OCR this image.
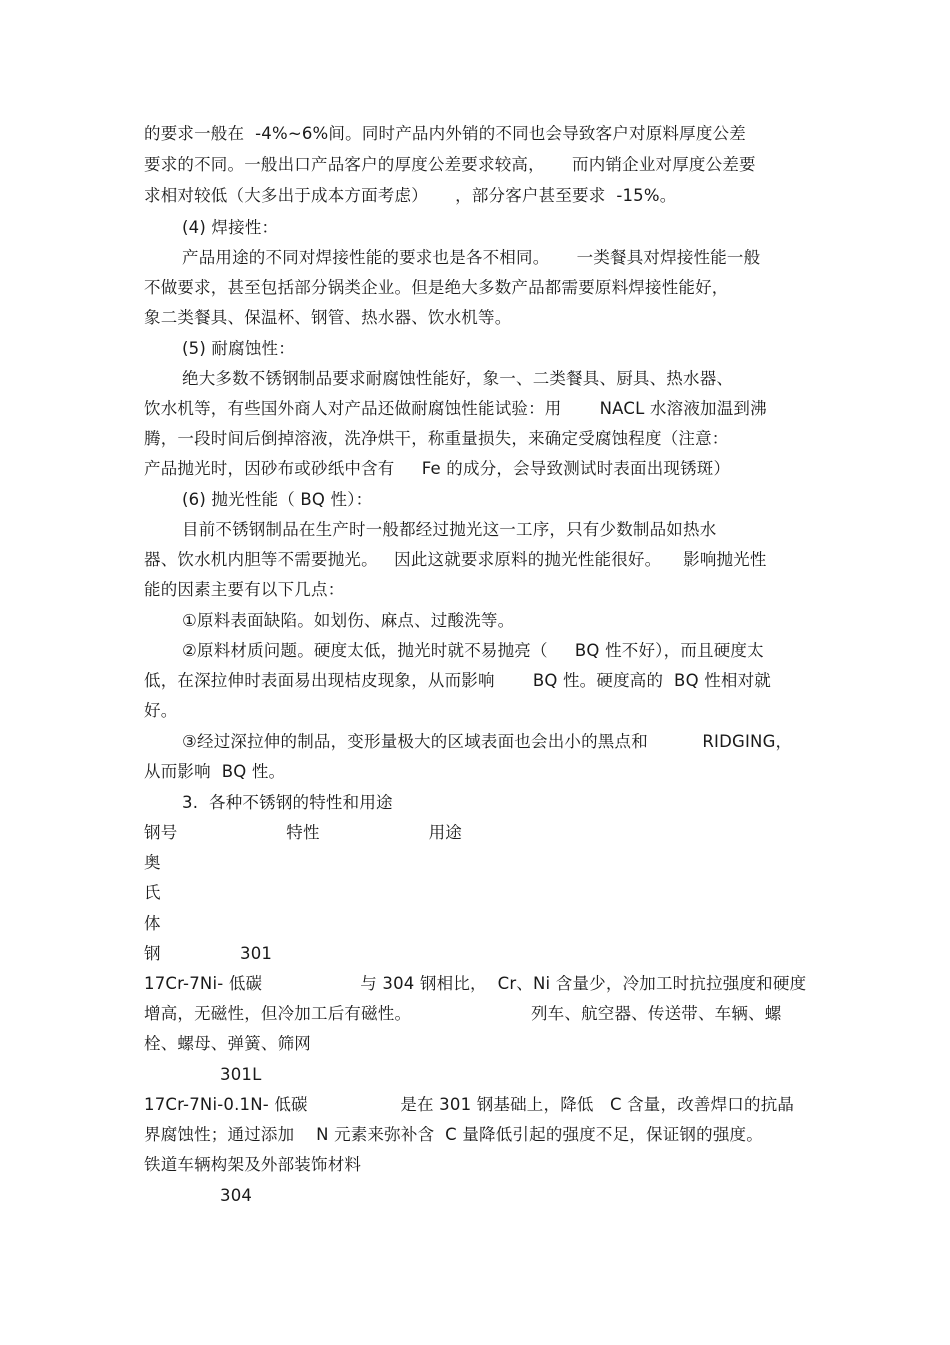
的要求一般在  -4%~6%间。同时产品内外销的不同也会导致客户对原料厚度公差
要求的不同。一般出口产品客户的厚度公差要求较高，     而内销企业对厚度公差要
求相对较低（大多出于成本方面考虑）     ，部分客户甚至要求  -15%。
(4) 焊接性：
产品用途的不同对焊接性能的要求也是各不相同。     一类餐具对焊接性能一般
不做要求，甚至包括部分锅类企业。但是绝大多数产品都需要原料焊接性能好，
象二类餐具、保温杯、钢管、热水器、饮水机等。
(5) 耐腐蚀性：
绝大多数不锈钢制品要求耐腐蚀性能好，象一、二类餐具、厨具、热水器、
饮水机等，有些国外商人对产品还做耐腐蚀性能试验：用       NACL 水溶液加温到沸
腾，一段时间后倒掉溶液，洗净烘干，称重量损失，来确定受腐蚀程度（注意：
产品抛光时，因砂布或砂纸中含有     Fe 的成分，会导致测试时表面出现锈斑）
(6) 抛光性能（ BQ 性）：
目前不锈钢制品在生产时一般都经过抛光这一工序，只有少数制品如热水
器、饮水机内胆等不需要抛光。   因此这就要求原料的抛光性能很好。    影响抛光性
能的因素主要有以下几点：
①原料表面缺陷。如划伤、麻点、过酸洗等。
②原料材质问题。硬度太低，抛光时就不易抛亮（     BQ 性不好），而且硬度太
低，在深拉伸时表面易出现桔皮现象，从而影响       BQ 性。硬度高的  BQ 性相对就
好。
③经过深拉伸的制品，变形量极大的区域表面也会出小的黑点和          RIDGING，
从而影响  BQ 性。
3.  各种不锈钢的特性和用途
钢号                    特性                    用途
奥
氏
体
钢	301
17Cr-7Ni- 低碳                  与 304 钢相比，  Cr、Ni 含量少，冷加工时抗拉强度和硬度
增高，无磁性，但冷加工后有磁性。                      列车、航空器、传送带、车辆、螺
栓、螺母、弹簧、筛网
301L
17Cr-7Ni-0.1N- 低碳                 是在 301 钢基础上，降低   C 含量，改善焊口的抗晶
界腐蚀性；通过添加    N 元素来弥补含  C 量降低引起的强度不足，保证钢的强度。
铁道车辆构架及外部装饰材料
304
